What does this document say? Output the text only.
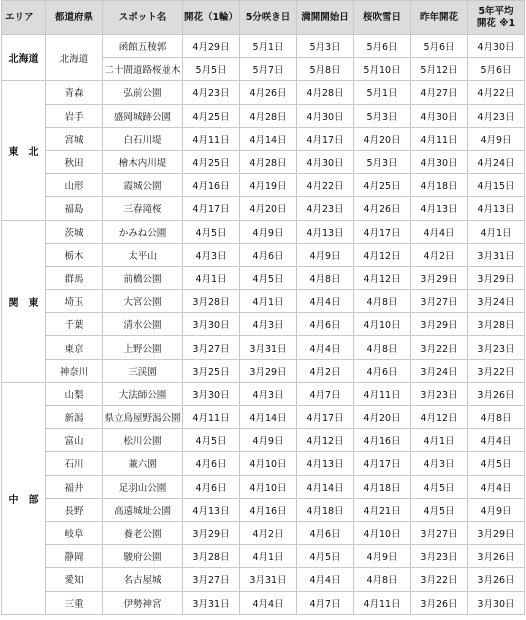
エリア	都道府県	スポット名	開花（1輪）	5分咲き日	満開開始日	桜吹雪日	昨年開花	5年平均
開花 ※1

北海道	北海道	函館五稜郭	4月29日	5月1日	5月3日	5月6日	5月6日	4月30日
		二十間道路桜並木	5月5日	5月7日	5月8日	5月10日	5月12日	5月6日

東　北	青森	弘前公園	4月23日	4月26日	4月28日	5月1日	4月27日	4月22日
	岩手	盛岡城跡公園	4月25日	4月28日	4月30日	5月3日	4月30日	4月23日
	宮城	白石川堤	4月11日	4月14日	4月17日	4月20日	4月11日	4月9日
	秋田	檜木内川堤	4月25日	4月28日	4月30日	5月3日	4月30日	4月24日
	山形	霞城公園	4月16日	4月19日	4月22日	4月25日	4月18日	4月15日
	福島	三春滝桜	4月17日	4月20日	4月23日	4月26日	4月13日	4月13日

関　東	茨城	かみね公園	4月5日	4月9日	4月13日	4月17日	4月4日	4月1日
	栃木	太平山	4月3日	4月6日	4月9日	4月12日	4月2日	3月31日
	群馬	前橋公園	4月1日	4月5日	4月8日	4月12日	3月29日	3月29日
	埼玉	大宮公園	3月28日	4月1日	4月4日	4月8日	3月27日	3月24日
	千葉	清水公園	3月30日	4月3日	4月6日	4月10日	3月29日	3月28日
	東京	上野公園	3月27日	3月31日	4月4日	4月8日	3月22日	3月23日
	神奈川	三渓園	3月25日	3月29日	4月2日	4月6日	3月24日	3月22日

中　部	山梨	大法師公園	3月30日	4月3日	4月7日	4月11日	3月23日	3月26日
	新潟	県立鳥屋野潟公園	4月11日	4月14日	4月17日	4月20日	4月12日	4月8日
	富山	松川公園	4月5日	4月9日	4月12日	4月16日	4月1日	4月4日
	石川	兼六園	4月6日	4月10日	4月13日	4月17日	4月3日	4月5日
	福井	足羽山公園	4月6日	4月10日	4月14日	4月18日	4月5日	4月4日
	長野	高遠城址公園	4月13日	4月16日	4月18日	4月21日	4月5日	4月9日
	岐阜	養老公園	3月29日	4月2日	4月6日	4月10日	3月27日	3月29日
	静岡	駿府公園	3月28日	4月1日	4月5日	4月9日	3月23日	3月26日
	愛知	名古屋城	3月27日	3月31日	4月4日	4月8日	3月22日	3月26日
	三重	伊勢神宮	3月31日	4月4日	4月7日	4月11日	3月26日	3月30日
